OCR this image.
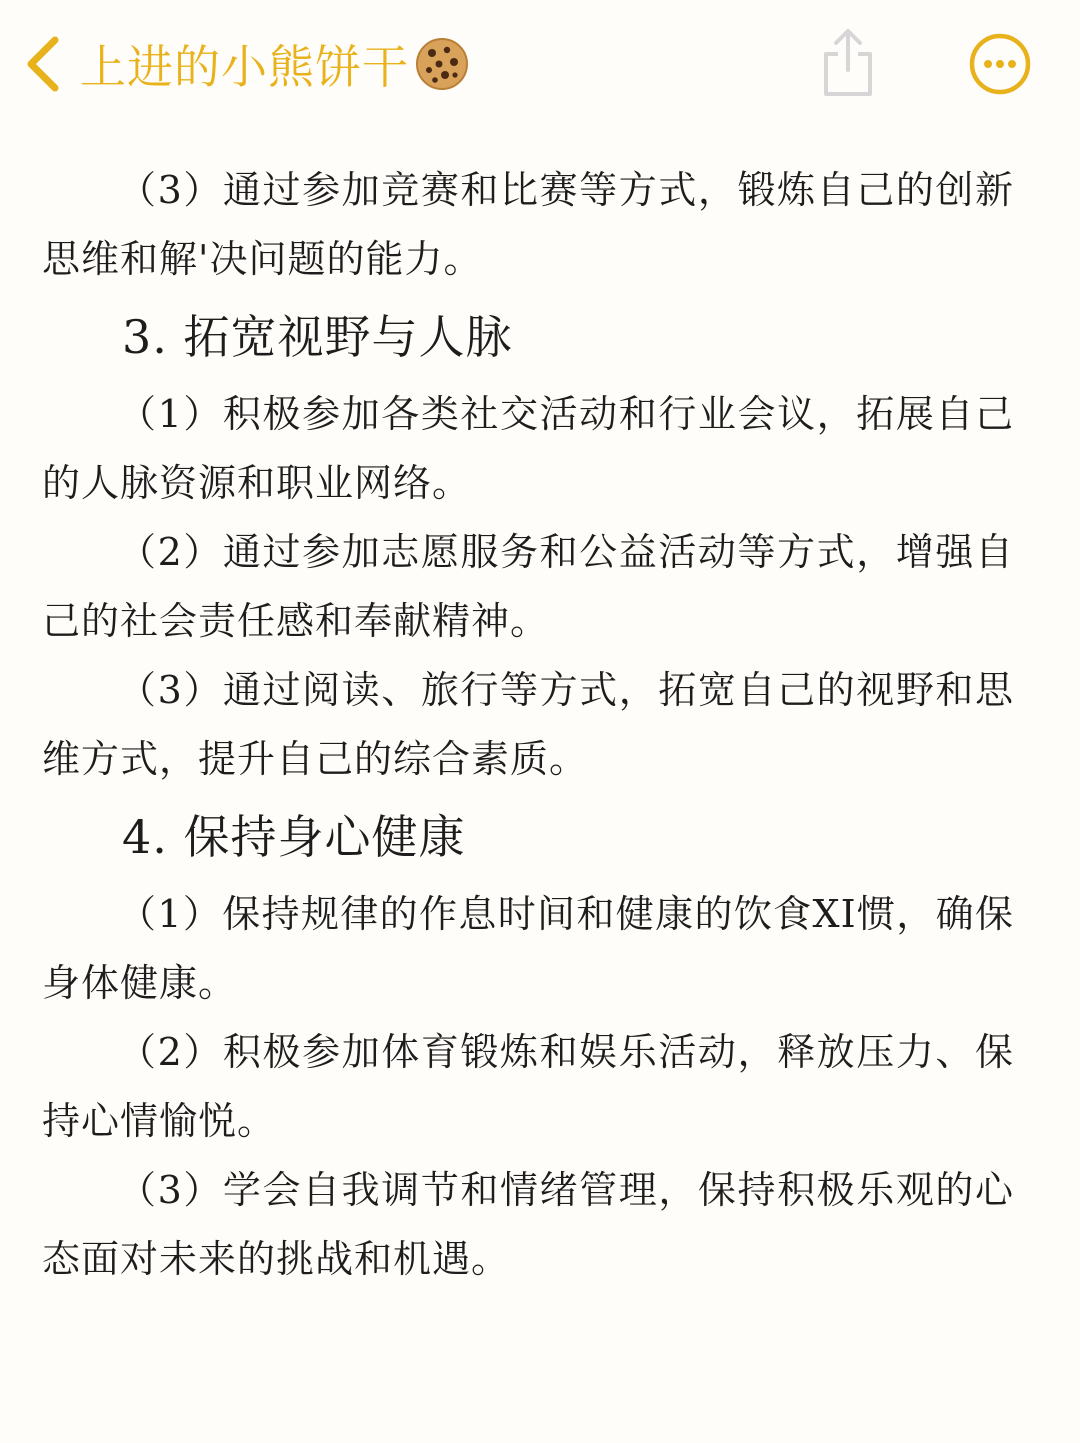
上进的小熊饼干

（3）通过参加竞赛和比赛等方式，锻炼自己的创新思维和解'决问题的能力。

3. 拓宽视野与人脉

（1）积极参加各类社交活动和行业会议，拓展自己的人脉资源和职业网络。

（2）通过参加志愿服务和公益活动等方式，增强自己的社会责任感和奉献精神。

（3）通过阅读、旅行等方式，拓宽自己的视野和思维方式，提升自己的综合素质。

4. 保持身心健康

（1）保持规律的作息时间和健康的饮食XI惯，确保身体健康。

（2）积极参加体育锻炼和娱乐活动，释放压力、保持心情愉悦。

（3）学会自我调节和情绪管理，保持积极乐观的心态面对未来的挑战和机遇。
